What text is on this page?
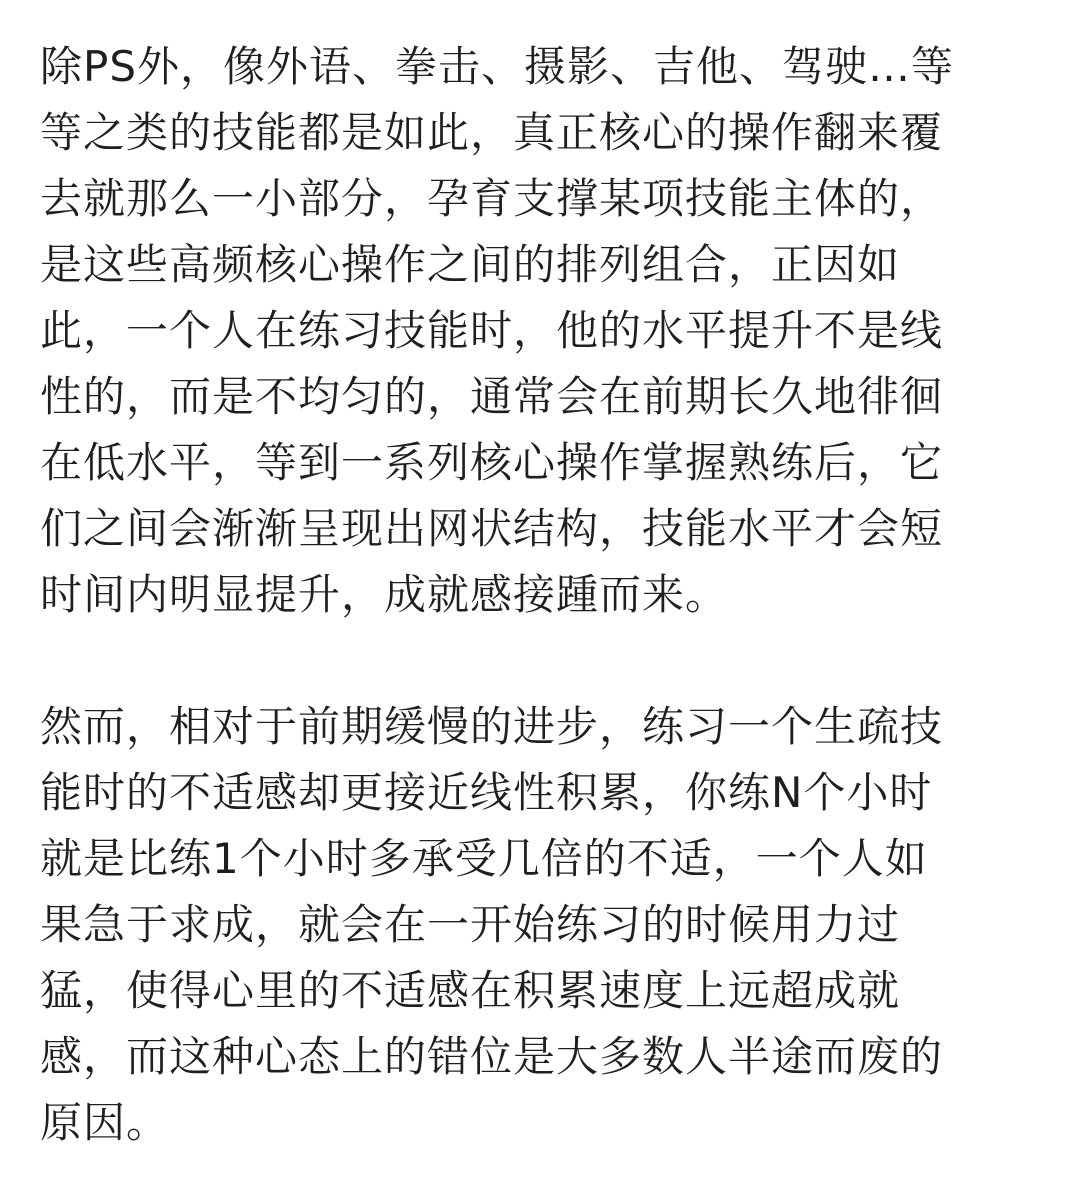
除PS外，像外语、拳击、摄影、吉他、驾驶…等
等之类的技能都是如此，真正核心的操作翻来覆
去就那么一小部分，孕育支撑某项技能主体的，
是这些高频核心操作之间的排列组合，正因如
此，一个人在练习技能时，他的水平提升不是线
性的，而是不均匀的，通常会在前期长久地徘徊
在低水平，等到一系列核心操作掌握熟练后，它
们之间会渐渐呈现出网状结构，技能水平才会短
时间内明显提升，成就感接踵而来。
然而，相对于前期缓慢的进步，练习一个生疏技
能时的不适感却更接近线性积累，你练N个小时
就是比练1个小时多承受几倍的不适，一个人如
果急于求成，就会在一开始练习的时候用力过
猛，使得心里的不适感在积累速度上远超成就
感，而这种心态上的错位是大多数人半途而废的
原因。
